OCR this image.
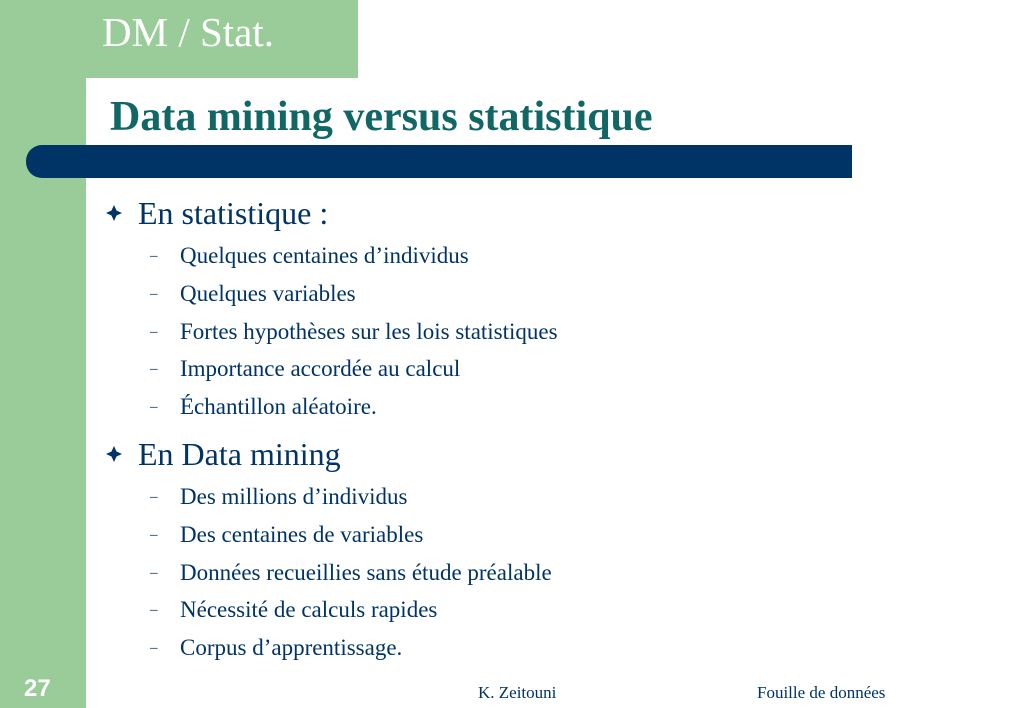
DM / Stat.
Data mining versus statistique
En statistique :
– Quelques centaines d’individus
– Quelques variables
– Fortes hypothèses sur les lois statistiques
– Importance accordée au calcul
– Échantillon aléatoire.
En Data mining
– Des millions d’individus
– Des centaines de variables
– Données recueillies sans étude préalable
– Nécessité de calculs rapides
– Corpus d’apprentissage.
27	K. Zeitouni	Fouille de données
